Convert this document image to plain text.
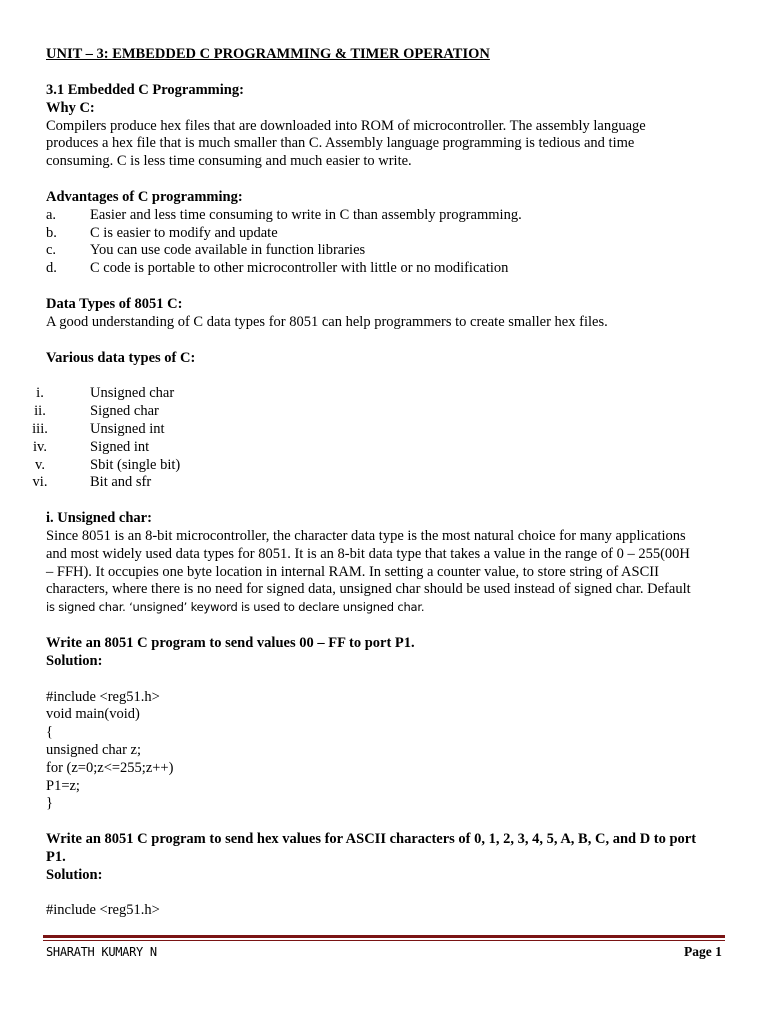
UNIT – 3: EMBEDDED C PROGRAMMING & TIMER OPERATION

3.1 Embedded C Programming:

Why C:

Compilers produce hex files that are downloaded into ROM of microcontroller. The assembly language

produces a hex file that is much smaller than C. Assembly language programming is tedious and time

consuming. C is less time consuming and much easier to write.

Advantages of C programming:

a.	Easier and less time consuming to write in C than assembly programming.
b.	C is easier to modify and update
c.	You can use code available in function libraries
d.	C code is portable to other microcontroller with little or no modification

Data Types of 8051 C:

A good understanding of C data types for 8051 can help programmers to create smaller hex files.

Various data types of C:

i.	Unsigned char
ii.	Signed char
iii.	Unsigned int
iv.	Signed int
v.	Sbit (single bit)
vi.	Bit and sfr

i. Unsigned char:

Since 8051 is an 8-bit microcontroller, the character data type is the most natural choice for many applications

and most widely used data types for 8051. It is an 8-bit data type that takes a value in the range of 0 – 255(00H

– FFH). It occupies one byte location in internal RAM. In setting a counter value, to store string of ASCII

characters, where there is no need for signed data, unsigned char should be used instead of signed char. Default

is signed char. ‘unsigned’ keyword is used to declare unsigned char.

Write an 8051 C program to send values 00 – FF to port P1.

Solution:

#include <reg51.h>

void main(void)

{

unsigned char z;

for (z=0;z<=255;z++)

P1=z;

}

Write an 8051 C program to send hex values for ASCII characters of 0, 1, 2, 3, 4, 5, A, B, C, and D to port

P1.

Solution:

#include <reg51.h>

SHARATH KUMARY N	Page 1
